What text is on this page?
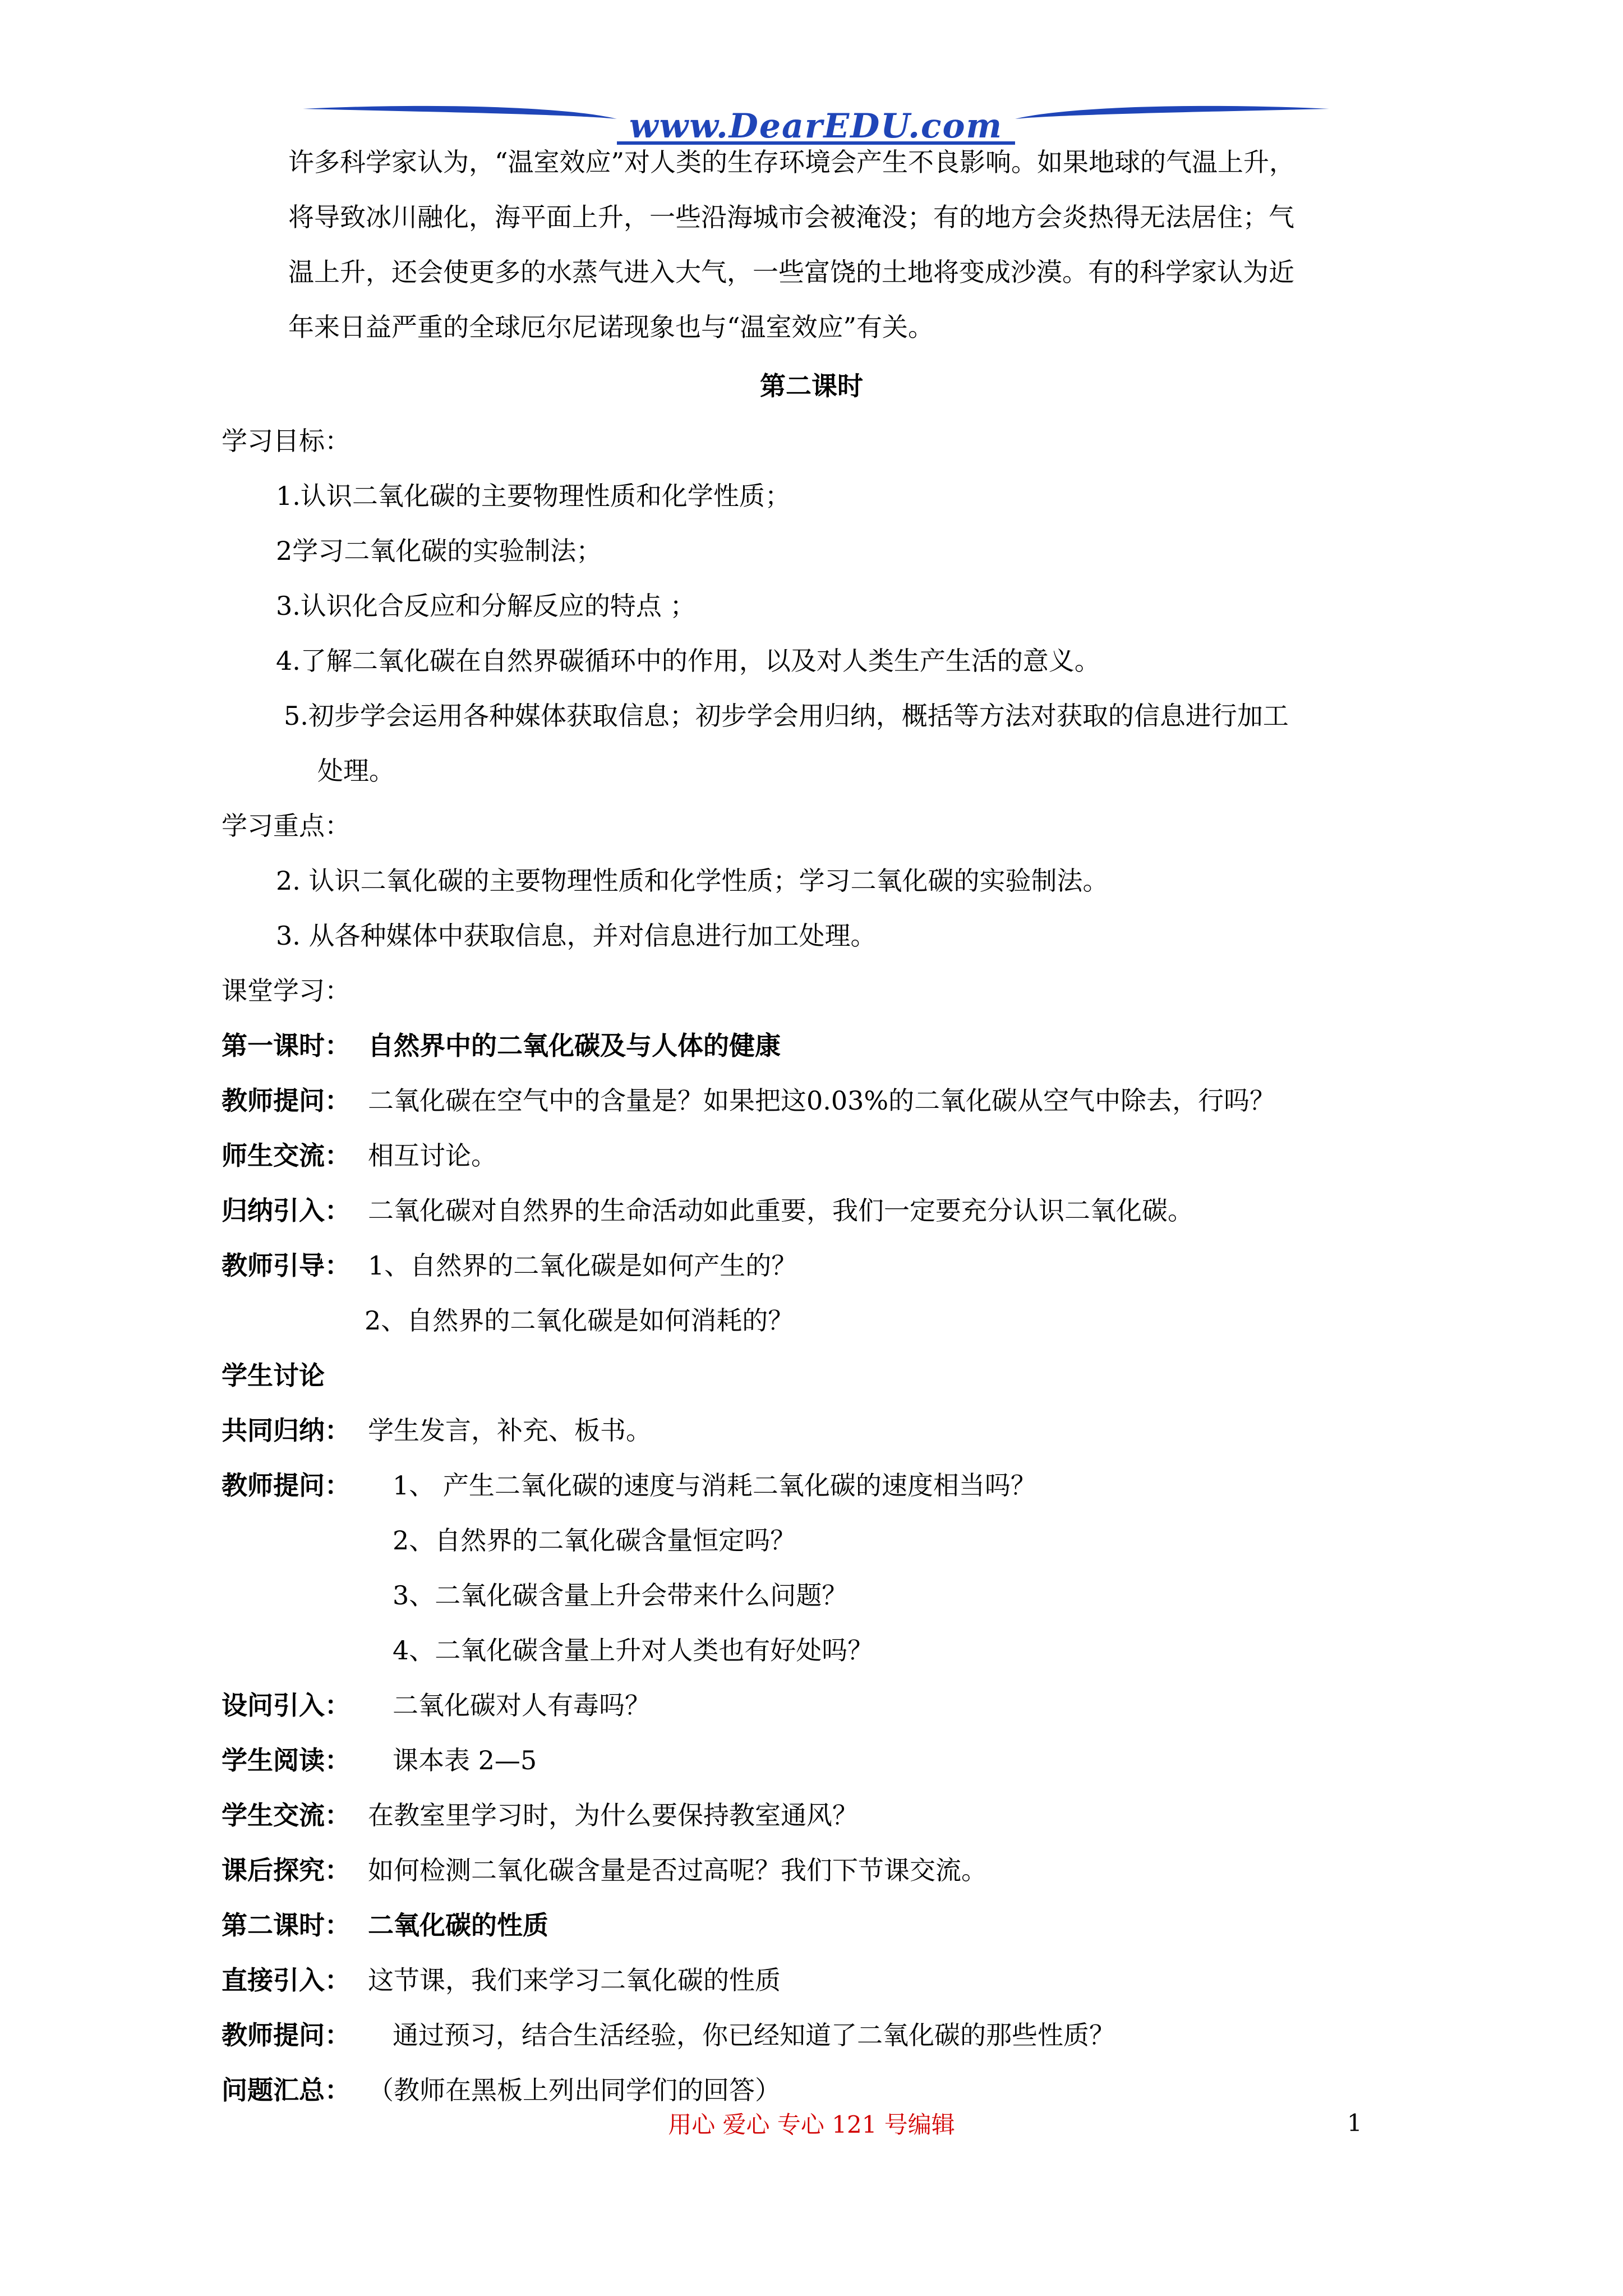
www.DearEDU.com
许多科学家认为，“温室效应”对人类的生存环境会产生不良影响。如果地球的气温上升，
将导致冰川融化，海平面上升，一些沿海城市会被淹没；有的地方会炎热得无法居住；气
温上升，还会使更多的水蒸气进入大气，一些富饶的土地将变成沙漠。有的科学家认为近
年来日益严重的全球厄尔尼诺现象也与“温室效应”有关。
第二课时
学习目标：
1.认识二氧化碳的主要物理性质和化学性质；
2学习二氧化碳的实验制法；
3.认识化合反应和分解反应的特点 ；
4.了解二氧化碳在自然界碳循环中的作用，以及对人类生产生活的意义。
5.初步学会运用各种媒体获取信息；初步学会用归纳，概括等方法对获取的信息进行加工
处理。
学习重点：
2. 认识二氧化碳的主要物理性质和化学性质；学习二氧化碳的实验制法。
3. 从各种媒体中获取信息，并对信息进行加工处理。
课堂学习：
第一课时： 自然界中的二氧化碳及与人体的健康
教师提问： 二氧化碳在空气中的含量是？如果把这0.03%的二氧化碳从空气中除去，行吗？
师生交流： 相互讨论。
归纳引入： 二氧化碳对自然界的生命活动如此重要，我们一定要充分认识二氧化碳。
教师引导： 1、自然界的二氧化碳是如何产生的？
2、自然界的二氧化碳是如何消耗的？
学生讨论
共同归纳： 学生发言，补充、板书。
教师提问： 1、 产生二氧化碳的速度与消耗二氧化碳的速度相当吗？
2、自然界的二氧化碳含量恒定吗？
3、二氧化碳含量上升会带来什么问题？
4、二氧化碳含量上升对人类也有好处吗？
设问引入： 二氧化碳对人有毒吗？
学生阅读： 课本表 2—5
学生交流： 在教室里学习时，为什么要保持教室通风？
课后探究： 如何检测二氧化碳含量是否过高呢？我们下节课交流。
第二课时： 二氧化碳的性质
直接引入： 这节课，我们来学习二氧化碳的性质
教师提问： 通过预习，结合生活经验，你已经知道了二氧化碳的那些性质？
问题汇总： （教师在黑板上列出同学们的回答）
用心 爱心 专心 121 号编辑	1
